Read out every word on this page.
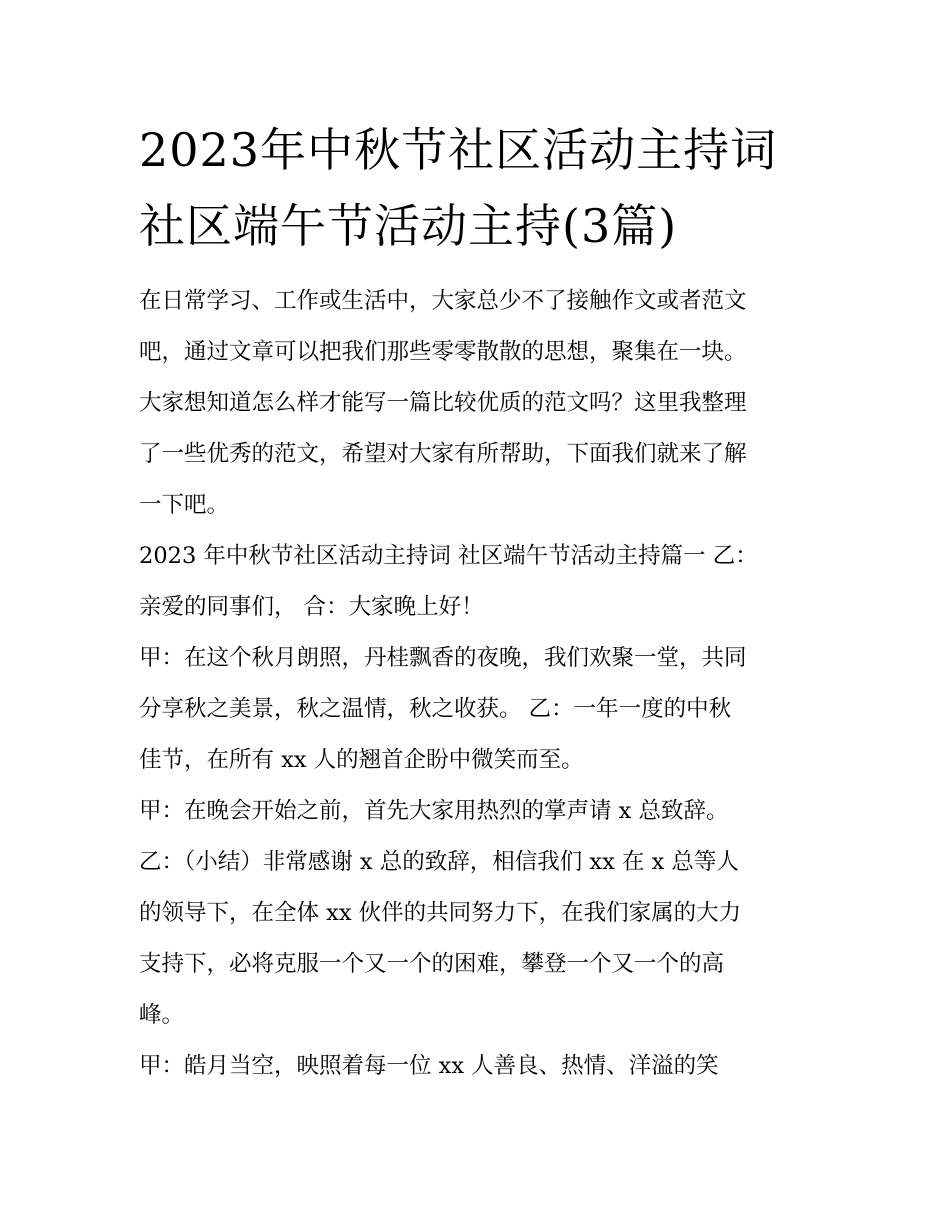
2023年中秋节社区活动主持词
社区端午节活动主持(3篇)
在日常学习、工作或生活中，大家总少不了接触作文或者范文
吧，通过文章可以把我们那些零零散散的思想，聚集在一块。
大家想知道怎么样才能写一篇比较优质的范文吗？这里我整理
了一些优秀的范文，希望对大家有所帮助，下面我们就来了解
一下吧。
2023 年中秋节社区活动主持词 社区端午节活动主持篇一 乙：
亲爱的同事们， 合：大家晚上好！
甲：在这个秋月朗照，丹桂飘香的夜晚，我们欢聚一堂，共同
分享秋之美景，秋之温情，秋之收获。 乙：一年一度的中秋
佳节，在所有 xx 人的翘首企盼中微笑而至。
甲：在晚会开始之前，首先大家用热烈的掌声请 x 总致辞。
乙：（小结）非常感谢 x 总的致辞，相信我们 xx 在 x 总等人
的领导下，在全体 xx 伙伴的共同努力下，在我们家属的大力
支持下，必将克服一个又一个的困难，攀登一个又一个的高
峰。
甲：皓月当空，映照着每一位 xx 人善良、热情、洋溢的笑
